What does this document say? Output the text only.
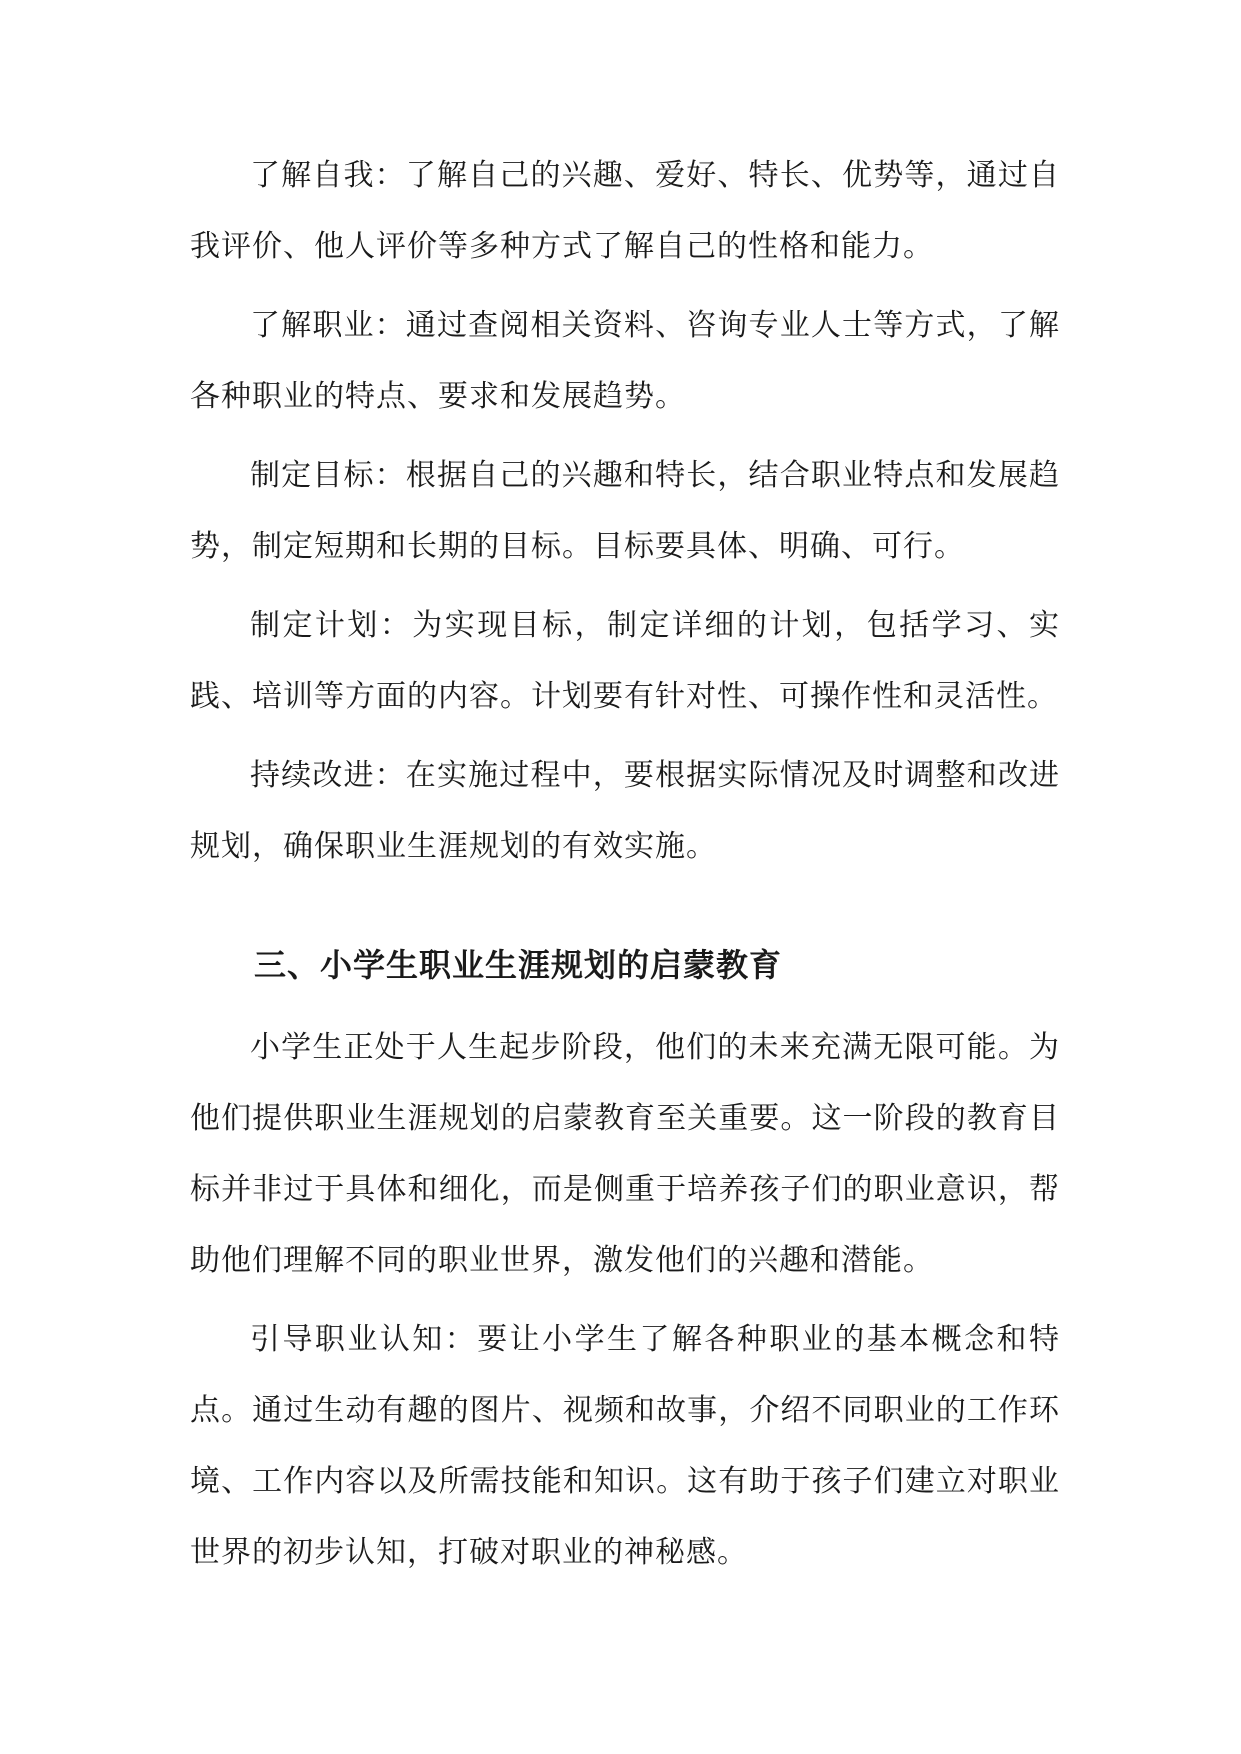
了解自我：了解自己的兴趣、爱好、特长、优势等，通过自我评价、他人评价等多种方式了解自己的性格和能力。

了解职业：通过查阅相关资料、咨询专业人士等方式，了解各种职业的特点、要求和发展趋势。

制定目标：根据自己的兴趣和特长，结合职业特点和发展趋势，制定短期和长期的目标。目标要具体、明确、可行。

制定计划：为实现目标，制定详细的计划，包括学习、实践、培训等方面的内容。计划要有针对性、可操作性和灵活性。

持续改进：在实施过程中，要根据实际情况及时调整和改进规划，确保职业生涯规划的有效实施。

三、小学生职业生涯规划的启蒙教育

小学生正处于人生起步阶段，他们的未来充满无限可能。为他们提供职业生涯规划的启蒙教育至关重要。这一阶段的教育目标并非过于具体和细化，而是侧重于培养孩子们的职业意识，帮助他们理解不同的职业世界，激发他们的兴趣和潜能。

引导职业认知：要让小学生了解各种职业的基本概念和特点。通过生动有趣的图片、视频和故事，介绍不同职业的工作环境、工作内容以及所需技能和知识。这有助于孩子们建立对职业世界的初步认知，打破对职业的神秘感。
